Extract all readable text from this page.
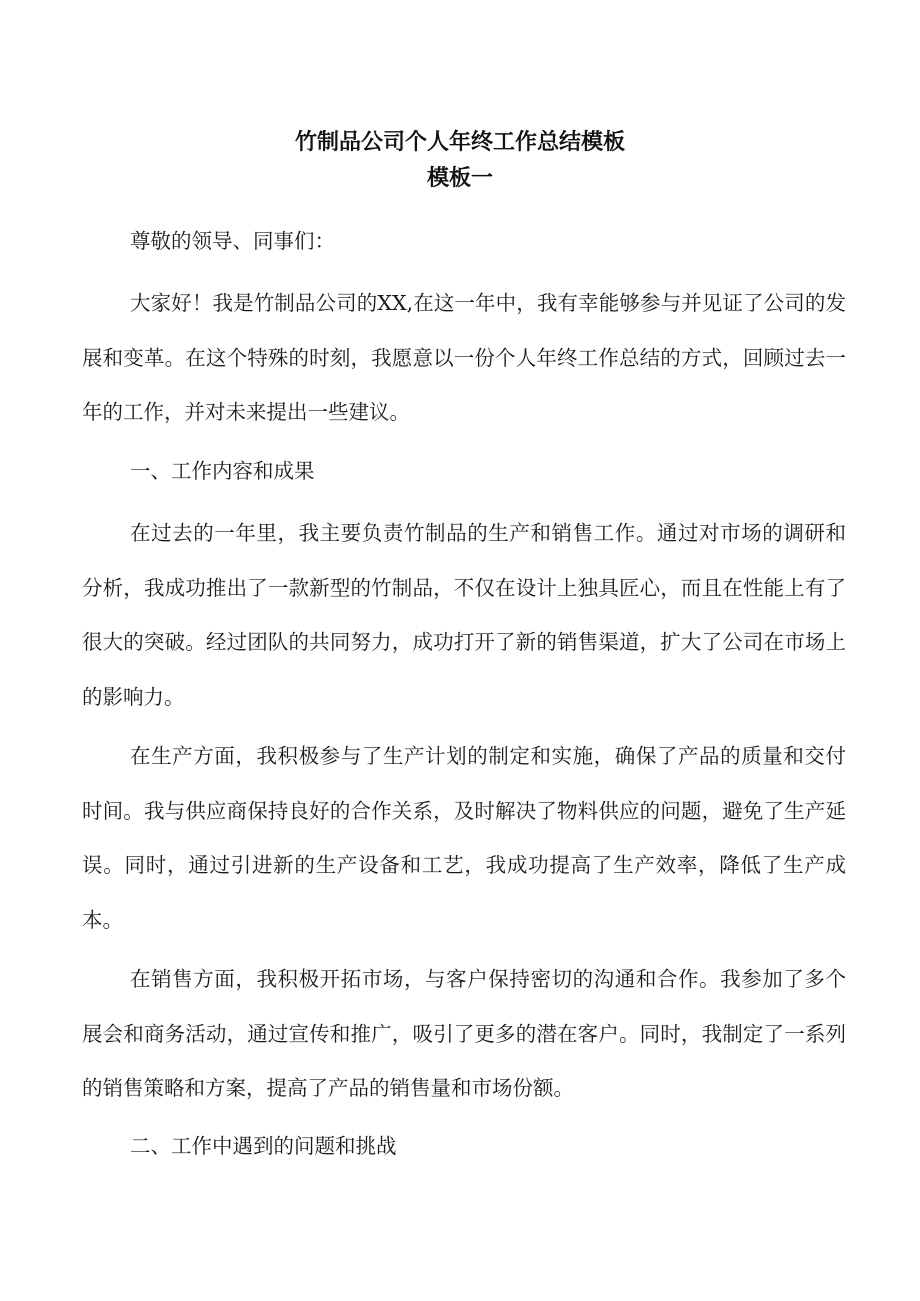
竹制品公司个人年终工作总结模板
模板一

尊敬的领导、同事们：

大家好！我是竹制品公司的XX,在这一年中，我有幸能够参与并见证了公司的发展和变革。在这个特殊的时刻，我愿意以一份个人年终工作总结的方式，回顾过去一年的工作，并对未来提出一些建议。

一、工作内容和成果

在过去的一年里，我主要负责竹制品的生产和销售工作。通过对市场的调研和分析，我成功推出了一款新型的竹制品，不仅在设计上独具匠心，而且在性能上有了很大的突破。经过团队的共同努力，成功打开了新的销售渠道，扩大了公司在市场上的影响力。

在生产方面，我积极参与了生产计划的制定和实施，确保了产品的质量和交付时间。我与供应商保持良好的合作关系，及时解决了物料供应的问题，避免了生产延误。同时，通过引进新的生产设备和工艺，我成功提高了生产效率，降低了生产成本。

在销售方面，我积极开拓市场，与客户保持密切的沟通和合作。我参加了多个展会和商务活动，通过宣传和推广，吸引了更多的潜在客户。同时，我制定了一系列的销售策略和方案，提高了产品的销售量和市场份额。

二、工作中遇到的问题和挑战
